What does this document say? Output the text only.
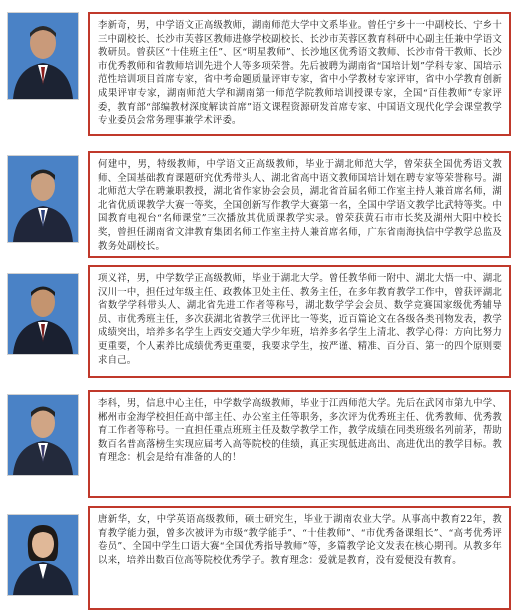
李新奇，男，中学语文正高级教师，湖南师范大学中文系毕业。曾任宁乡十一中副校长、宁乡十三中副校长、长沙市芙蓉区教师进修学校副校长、长沙市芙蓉区教育科研中心副主任兼中学语文教研员。曾获区“十佳班主任”、区“明星教师”、长沙地区优秀语文教师、长沙市骨干教师、长沙市优秀教师和省教师培训先进个人等多项荣誉。先后被聘为湖南省“国培计划”学科专家、国培示范性培训项目首席专家，省中考命题质量评审专家，省中小学教材专家评审，省中小学教育创新成果评审专家，湖南师范大学和湖南第一师范学院教师培训授课专家，全国“百佳教师”专家评委，教育部“部编教材深度解读首席”语文课程资源研发首席专家、中国语文现代化学会课堂教学专业委员会常务理事兼学术评委。
何建中，男，特级教师，中学语文正高级教师，毕业于湖北师范大学，曾荣获全国优秀语文教师、全国基础教育课题研究优秀带头人、湖北省高中语文教师国培计划在聘专家等荣誉称号。湖北师范大学在聘兼职教授，湖北省作家协会会员，湖北省首届名师工作室主持人兼首席名师，湖北省优质课教学大赛一等奖，全国创新写作教学大赛第一名，全国中学语文教学比武特等奖。中国教育电视台“名师课堂”三次播放其优质课教学实录。曾荣获黄石市市长奖及湖州大阳中校长奖，曾担任湖南省文津教育集团名师工作室主持人兼首席名师，广东省南海执信中学教学总监及教务处副校长。
项义祥，男，中学数学正高级教师，毕业于湖北大学。曾任教华师一附中、湖北大悟一中、湖北汉川一中，担任过年级主任、政教体卫处主任、教务主任，在多年教育教学工作中，曾获评湖北省数学学科带头人、湖北省先进工作者等称号，湖北数学学会会员、数学竞赛国家级优秀辅导员、市优秀班主任，多次获湖北省教学三优评比一等奖，近百篇论文在各级各类刊物发表，教学成绩突出，培养多名学生上西安交通大学少年班，培养多名学生上清北、教学心得：方向比努力更重要，个人素养比成绩优秀更重要，我要求学生，按严谨、精准、百分百、第一的四个原则要求自己。
李科，男，信息中心主任，中学数学高级教师，毕业于江西师范大学。先后在武冈市第九中学、郴州市金海学校担任高中部主任、办公室主任等职务，多次评为优秀班主任、优秀教师、优秀教育工作者等称号。一直担任重点班班主任及数学教学工作，教学成绩在同类班级名列前茅，帮助数百名普高落榜生实现应届考入高等院校的佳绩，真正实现低进高出、高进优出的教学目标。教育理念：机会是给有准备的人的！
唐新华，女，中学英语高级教师，硕士研究生，毕业于湖南农业大学。从事高中教育22年，教育教学能力强，曾多次被评为市级“教学能手”、“十佳教师”、“市优秀备课组长”、“高考优秀评卷员”、全国中学生口语大赛“全国优秀指导教师”等，多篇教学论文发表在核心期刊。从教多年以来，培养出数百位高等院校优秀学子。教育理念：爱就是教育，没有爱便没有教育。
